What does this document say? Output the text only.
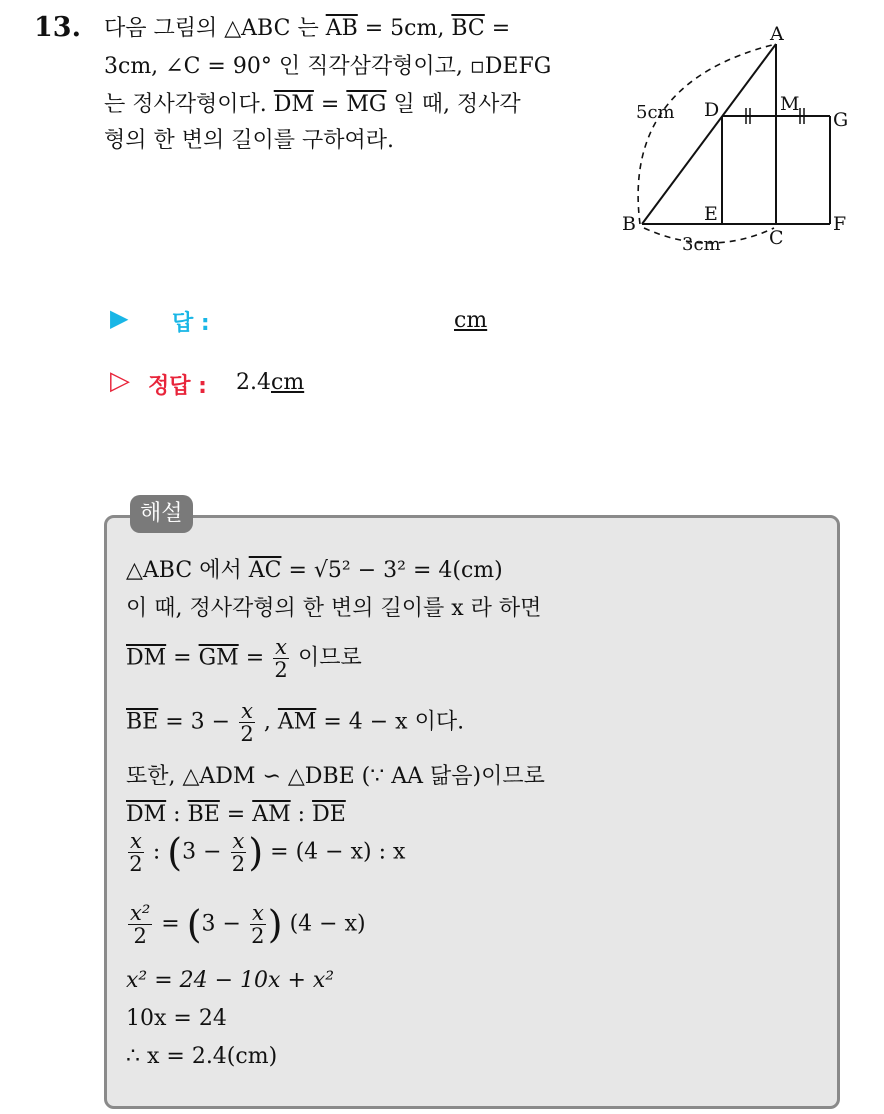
13. 다음 그림의 △ABC 는 $\overline{AB} = 5cm$, $\overline{BC}$ =
3cm, ∠C = 90° 인 직각삼각형이고, ▫DEFG
는 정사각형이다. $\overline{DM} = \overline{MG}$ 일 때, 정사각
형의 한 변의 길이를 구하여라.
A
M
D	G
E
B
C
F
5cm
3cm
▶ 답 :	cm
▷ 정답 : 2.4cm
해설
△ABC 에서 $\overline{AC} = √5^2 - 3^2 = 4(cm)$
이 때, 정사각형의 한 변의 길이를 x 라 하면
$\overline{DM} = \overline{GM} = \frac{x}{2}$ 이므로
$\overline{BE} = 3 - \frac{x}{2}$ , $\overline{AM} = 4 - x$ 이다.
또한, △ADM ∽ △DBE (∵ AA 닮음)이므로
$\overline{DM}$ : $\overline{BE} = \overline{AM}$ : $\overline{DE}$
$\frac{x}{2}$ : ($3 - \frac{x}{2}$ ) = (4 − x) : x
$\frac{\text{x²}}{2} = (3 - \frac{x}{2}$ ) (4 − x)
x² = 24 − 10x + x²
10x = 24
∴ x = 2.4(cm)
